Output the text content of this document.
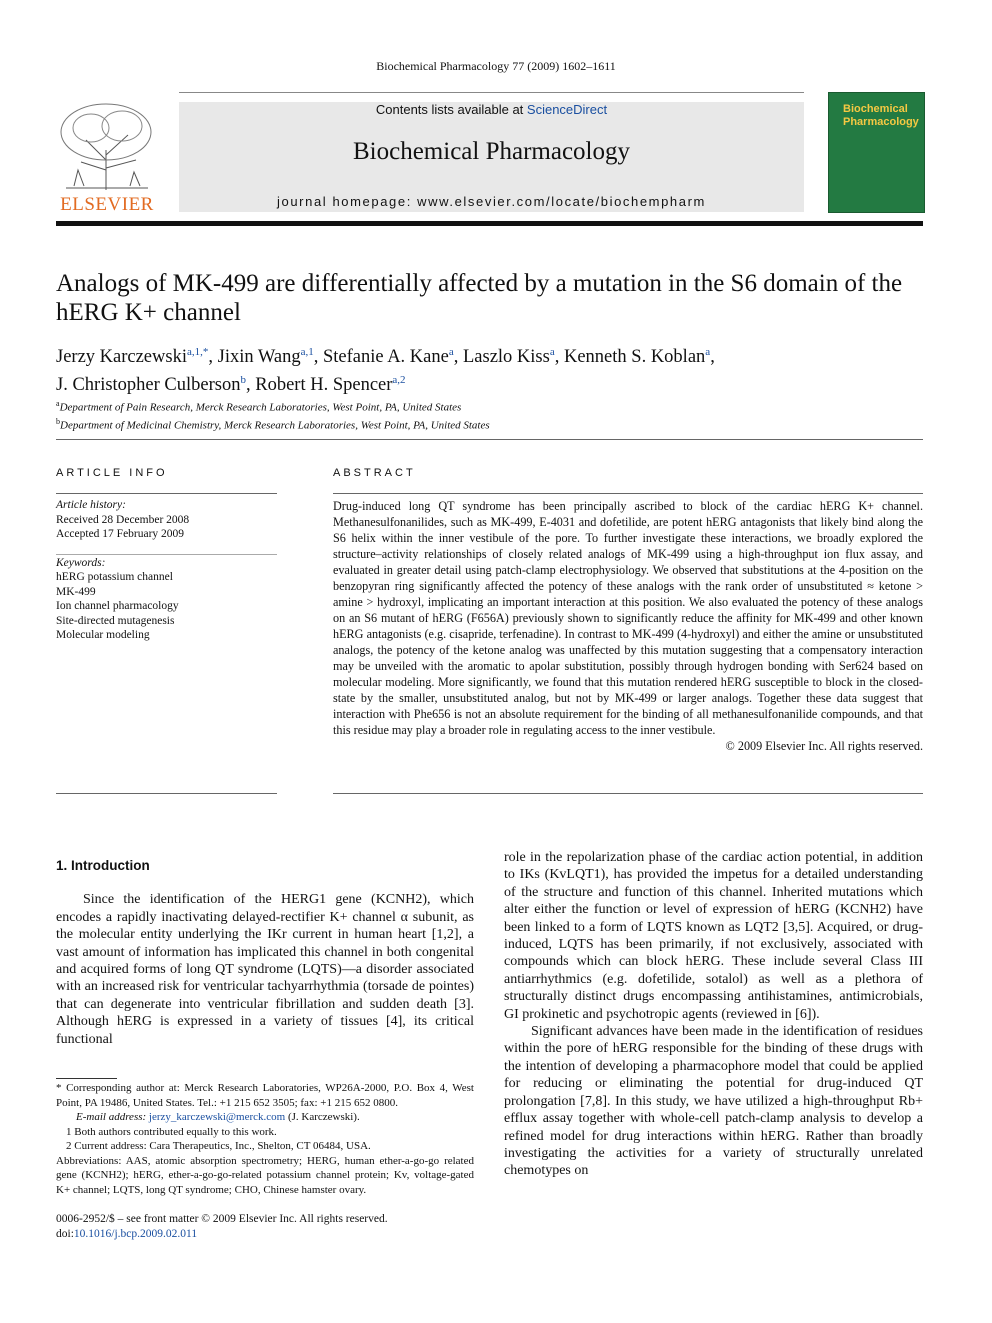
Biochemical Pharmacology 77 (2009) 1602–1611
Contents lists available at ScienceDirect
Biochemical Pharmacology
journal homepage: www.elsevier.com/locate/biochempharm
ELSEVIER
Biochemical Pharmacology
Analogs of MK-499 are differentially affected by a mutation in the S6 domain of the hERG K+ channel
Jerzy Karczewski$^{a,1,*}$, Jixin Wang$^{a,1}$, Stefanie A. Kane$^a$, Laszlo Kiss$^a$, Kenneth S. Koblan$^a$,
J. Christopher Culberson$^b$, Robert H. Spencer$^{a,2}$

$^a$Department of Pain Research, Merck Research Laboratories, West Point, PA, United States

$^b$Department of Medicinal Chemistry, Merck Research Laboratories, West Point, PA, United States

ARTICLE INFO

Article history:

Received 28 December 2008

Accepted 17 February 2009

Keywords:

hERG potassium channel

MK-499

Ion channel pharmacology

Site-directed mutagenesis

Molecular modeling

ABSTRACT

Drug-induced long QT syndrome has been principally ascribed to block of the cardiac hERG K+ channel. Methanesulfonanilides, such as MK-499, E-4031 and dofetilide, are potent hERG antagonists that likely bind along the S6 helix within the inner vestibule of the pore. To further investigate these interactions, we broadly explored the structure–activity relationships of closely related analogs of MK-499 using a high-throughput ion flux assay, and evaluated in greater detail using patch-clamp electrophysiology. We observed that substitutions at the 4-position on the benzopyran ring significantly affected the potency of these analogs with the rank order of unsubstituted ≈ ketone > amine > hydroxyl, implicating an important interaction at this position. We also evaluated the potency of these analogs on an S6 mutant of hERG (F656A) previously shown to significantly reduce the affinity for MK-499 and other known hERG antagonists (e.g. cisapride, terfenadine). In contrast to MK-499 (4-hydroxyl) and either the amine or unsubstituted analogs, the potency of the ketone analog was unaffected by this mutation suggesting that a compensatory interaction may be unveiled with the aromatic to apolar substitution, possibly through hydrogen bonding with Ser624 based on molecular modeling. More significantly, we found that this mutation rendered hERG susceptible to block in the closed-state by the smaller, unsubstituted analog, but not by MK-499 or larger analogs. Together these data suggest that interaction with Phe656 is not an absolute requirement for the binding of all methanesulfonanilide compounds, and that this residue may play a broader role in regulating access to the inner vestibule.

© 2009 Elsevier Inc. All rights reserved.

1. Introduction

Since the identification of the HERG1 gene (KCNH2), which encodes a rapidly inactivating delayed-rectifier K+ channel α subunit, as the molecular entity underlying the IKr current in human heart [1,2], a vast amount of information has implicated this channel in both congenital and acquired forms of long QT syndrome (LQTS)—a disorder associated with an increased risk for ventricular tachyarrhythmia (torsade de pointes) that can degenerate into ventricular fibrillation and sudden death [3]. Although hERG is expressed in a variety of tissues [4], its critical functional

role in the repolarization phase of the cardiac action potential, in addition to IKs (KvLQT1), has provided the impetus for a detailed understanding of the structure and function of this channel. Inherited mutations which alter either the function or level of expression of hERG (KCNH2) have been linked to a form of LQTS known as LQT2 [3,5]. Acquired, or drug-induced, LQTS has been primarily, if not exclusively, associated with compounds which can block hERG. These include several Class III antiarrhythmics (e.g. dofetilide, sotalol) as well as a plethora of structurally distinct drugs encompassing antihistamines, antimicrobials, GI prokinetic and psychotropic agents (reviewed in [6]).

Significant advances have been made in the identification of residues within the pore of hERG responsible for the binding of these drugs with the intention of developing a pharmacophore model that could be applied for reducing or eliminating the potential for drug-induced QT prolongation [7,8]. In this study, we have utilized a high-throughput Rb+ efflux assay together with whole-cell patch-clamp analysis to develop a refined model for drug interactions within hERG. Rather than broadly investigating the activities for a variety of structurally unrelated chemotypes on

* Corresponding author at: Merck Research Laboratories, WP26A-2000, P.O. Box 4, West Point, PA 19486, United States. Tel.: +1 215 652 3505; fax: +1 215 652 0800.

E-mail address: jerzy_karczewski@merck.com (J. Karczewski).

1 Both authors contributed equally to this work.

2 Current address: Cara Therapeutics, Inc., Shelton, CT 06484, USA.

Abbreviations: AAS, atomic absorption spectrometry; HERG, human ether-a-go-go related gene (KCNH2); hERG, ether-a-go-go-related potassium channel protein; Kv, voltage-gated K+ channel; LQTS, long QT syndrome; CHO, Chinese hamster ovary.

0006-2952/$ – see front matter © 2009 Elsevier Inc. All rights reserved.

doi:10.1016/j.bcp.2009.02.011
